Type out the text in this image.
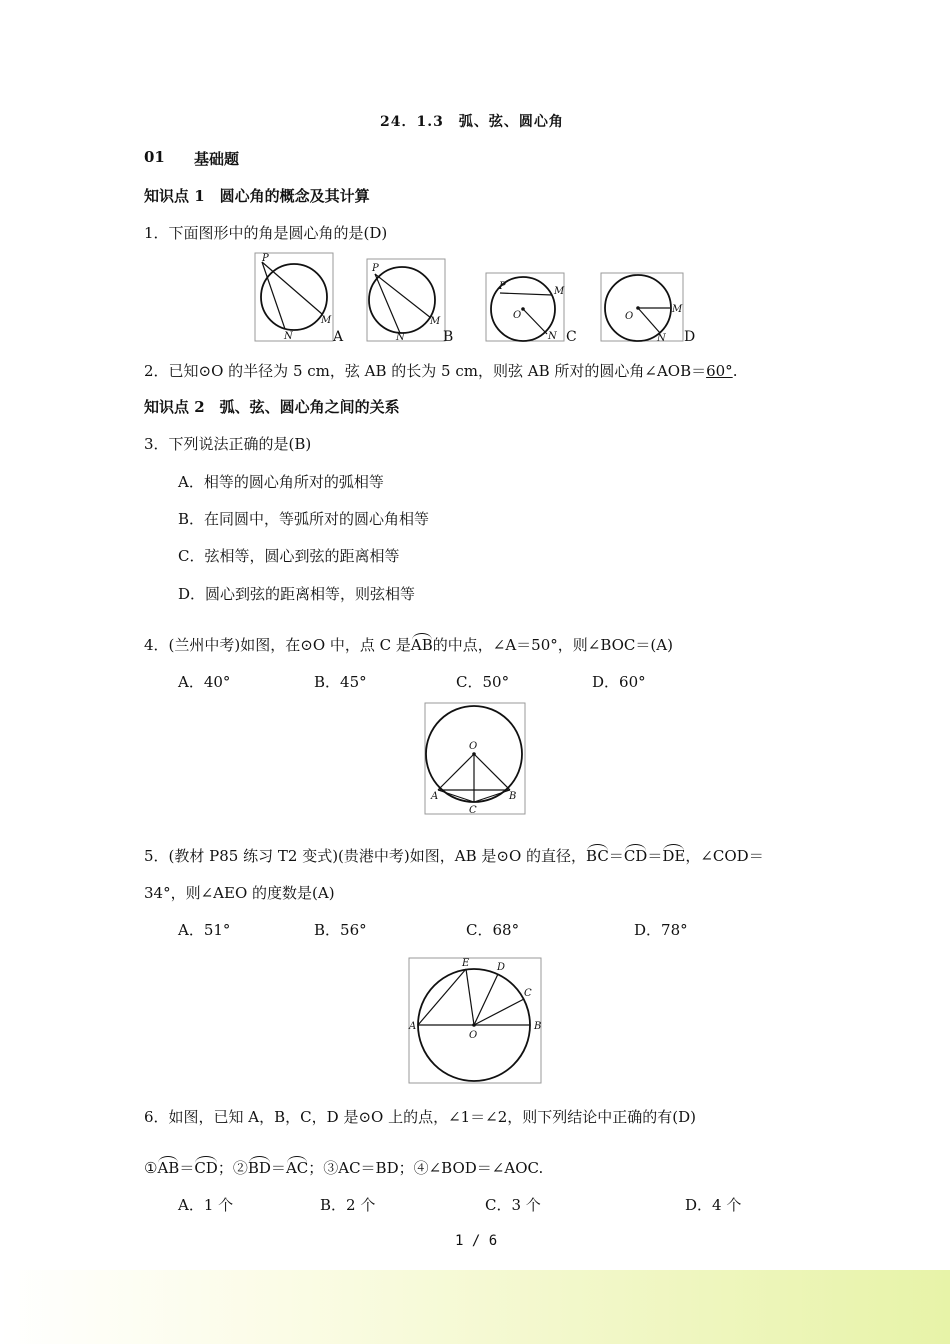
24．1.3　弧、弦、圆心角
01 基础题
知识点 1　圆心角的概念及其计算
1．下面图形中的角是圆心角的是(D)
P
N
M
A
P
N
M
B
P
O
M
N C
O
M
N D
2．已知⊙O 的半径为 5 cm，弦 AB 的长为 5 cm，则弦 AB 所对的圆心角∠AOB＝60°.
知识点 2　弧、弦、圆心角之间的关系
3．下列说法正确的是(B)
A．相等的圆心角所对的弧相等
B．在同圆中，等弧所对的圆心角相等
C．弦相等，圆心到弦的距离相等
D．圆心到弦的距离相等，则弦相等
4．(兰州中考)如图，在⊙O 中，点 C 是AB的中点，∠A＝50°，则∠BOC＝(A)
A．40°	B．45°	C．50°	D．60°
O
A	B
C
5．(教材 P85 练习 T2 变式)(贵港中考)如图，AB 是⊙O 的直径，BC＝CD＝DE，∠COD＝
34°，则∠AEO 的度数是(A)
A．51°	B．56°	C．68°	D．78°
E	D
C
A
O
B
6．如图，已知 A，B，C，D 是⊙O 上的点，∠1＝∠2，则下列结论中正确的有(D)
①AB＝CD；②BD＝AC；③AC＝BD；④∠BOD＝∠AOC.
A．1 个	B．2 个	C．3 个	D．4 个
1 / 6
